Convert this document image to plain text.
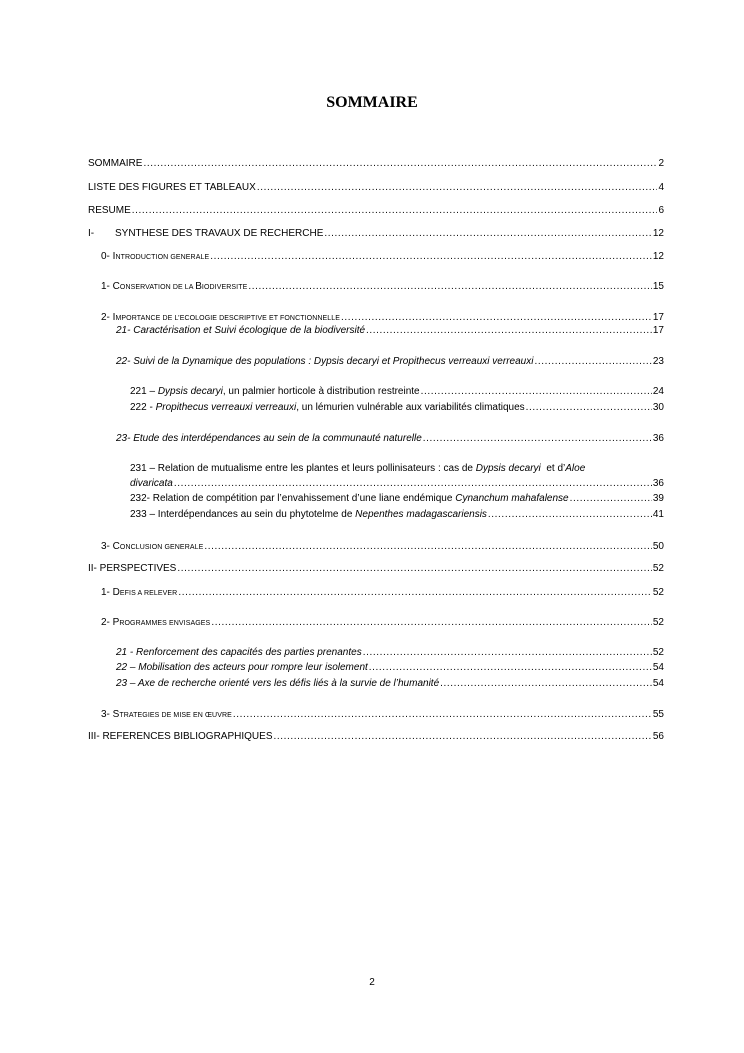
SOMMAIRE
SOMMAIRE .....	2
LISTE DES FIGURES ET TABLEAUX .....	4
RESUME .....	6
I- SYNTHESE DES TRAVAUX DE RECHERCHE .....	12
0- INTRODUCTION GENERALE .....	12
1- CONSERVATION DE LA BIODIVERSITE .....	15
2- IMPORTANCE DE L’ECOLOGIE DESCRIPTIVE ET FONCTIONNELLE .....	17
21- Caractérisation et Suivi écologique de la biodiversité .....	17
22- Suivi de la Dynamique des populations : Dypsis decaryi et Propithecus verreauxi verreauxi .....	23
221 – Dypsis decaryi, un palmier horticole à distribution restreinte .....	24
222 - Propithecus verreauxi verreauxi, un lémurien vulnérable aux variabilités climatiques .....	30
23- Etude des interdépendances au sein de la communauté naturelle .....	36
231 – Relation de mutualisme entre les plantes et leurs pollinisateurs : cas de Dypsis decaryi  et d’Aloe
divaricata .....	36
232- Relation de compétition par l’envahissement d’une liane endémique Cynanchum mahafalense .....	39
233 – Interdépendances au sein du phytotelme de Nepenthes madagascariensis .....	41
3- CONCLUSION GENERALE .....	50
II- PERSPECTIVES .....	52
1- DEFIS A RELEVER .....	52
2- PROGRAMMES ENVISAGES .....	52
21 - Renforcement des capacités des parties prenantes .....	52
22 – Mobilisation des acteurs pour rompre leur isolement .....	54
23 – Axe de recherche orienté vers les défis liés à la survie de l’humanité .....	54
3- STRATEGIES DE MISE EN ŒUVRE .....	55
III- REFERENCES BIBLIOGRAPHIQUES .....	56
2
